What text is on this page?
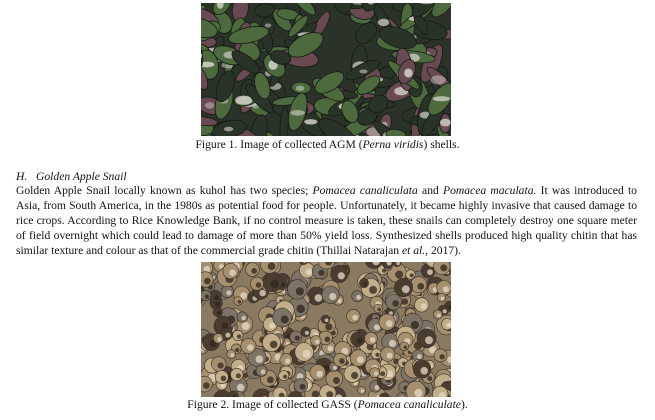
Figure 1. Image of collected AGM (Perna viridis) shells.
H. Golden Apple Snail
Golden Apple Snail locally known as kuhol has two species; Pomacea canaliculata and Pomacea maculata. It was introduced to Asia, from South America, in the 1980s as potential food for people. Unfortunately, it became highly invasive that caused damage to rice crops. According to Rice Knowledge Bank, if no control measure is taken, these snails can completely destroy one square meter of field overnight which could lead to damage of more than 50% yield loss. Synthesized shells produced high quality chitin that has similar texture and colour as that of the commercial grade chitin (Thillai Natarajan et al., 2017).
Figure 2. Image of collected GASS (Pomacea canaliculate).
